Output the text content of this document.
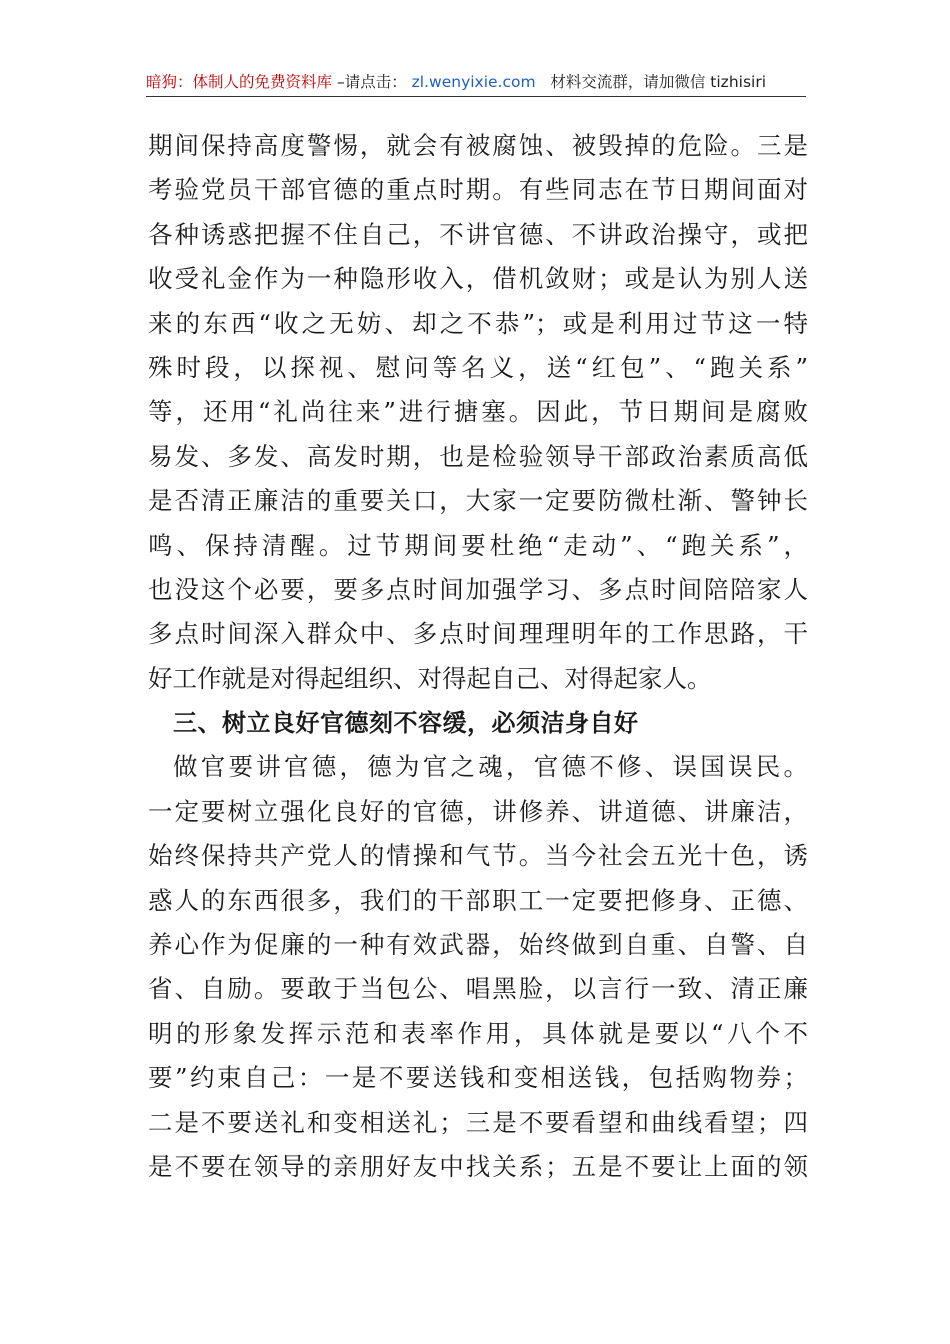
暗狗：体制人的免费资料库 –请点击： zl.wenyixie.com 材料交流群，请加微信 tizhisiri
期间保持高度警惕，就会有被腐蚀、被毁掉的危险。三是
考验党员干部官德的重点时期。有些同志在节日期间面对
各种诱惑把握不住自己，不讲官德、不讲政治操守，或把
收受礼金作为一种隐形收入，借机敛财；或是认为别人送
来的东西“收之无妨、却之不恭”；或是利用过节这一特
殊时段，以探视、慰问等名义，送“红包”、“跑关系”
等，还用“礼尚往来”进行搪塞。因此，节日期间是腐败
易发、多发、高发时期，也是检验领导干部政治素质高低
是否清正廉洁的重要关口，大家一定要防微杜渐、警钟长
鸣、保持清醒。过节期间要杜绝“走动”、“跑关系”，
也没这个必要，要多点时间加强学习、多点时间陪陪家人
多点时间深入群众中、多点时间理理明年的工作思路，干
好工作就是对得起组织、对得起自己、对得起家人。
三、树立良好官德刻不容缓，必须洁身自好
做官要讲官德，德为官之魂，官德不修、误国误民。
一定要树立强化良好的官德，讲修养、讲道德、讲廉洁，
始终保持共产党人的情操和气节。当今社会五光十色，诱
惑人的东西很多，我们的干部职工一定要把修身、正德、
养心作为促廉的一种有效武器，始终做到自重、自警、自
省、自励。要敢于当包公、唱黑脸，以言行一致、清正廉
明的形象发挥示范和表率作用，具体就是要以“八个不
要”约束自己：一是不要送钱和变相送钱，包括购物券；
二是不要送礼和变相送礼；三是不要看望和曲线看望；四
是不要在领导的亲朋好友中找关系；五是不要让上面的领
